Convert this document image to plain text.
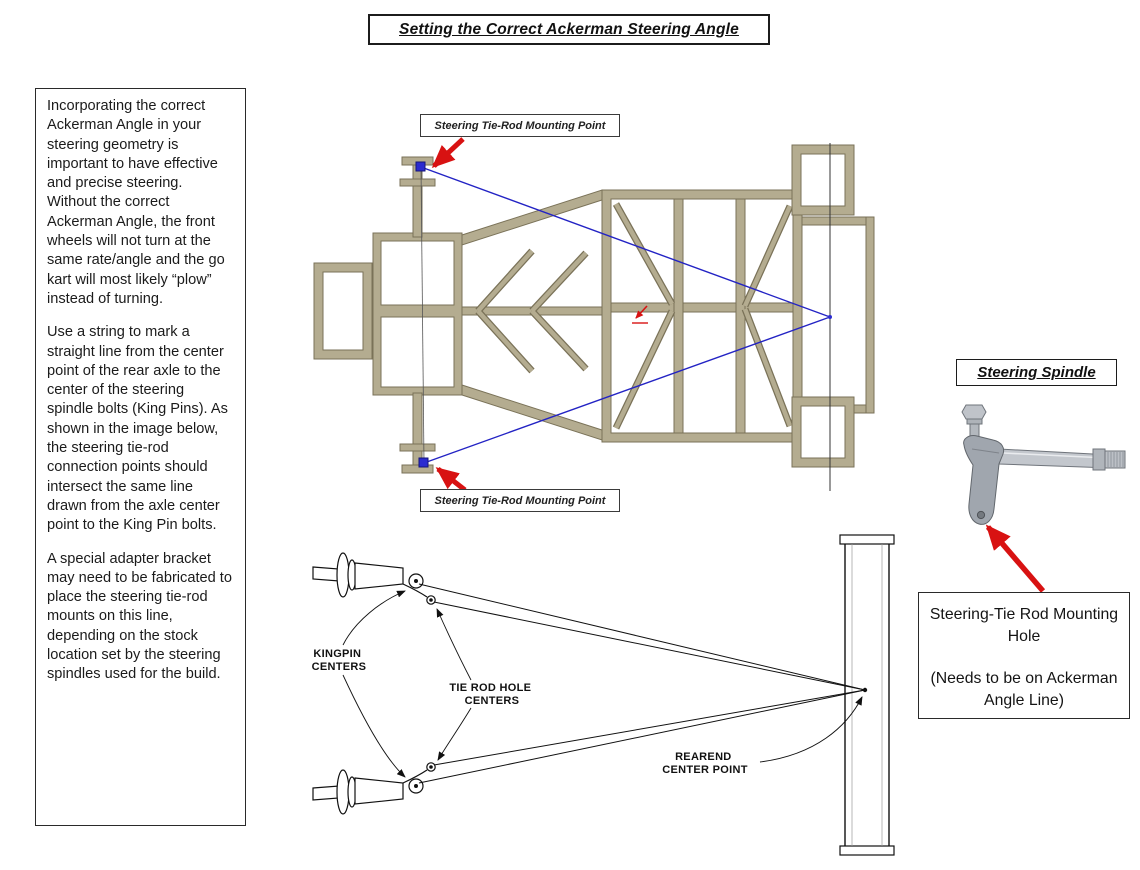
Setting the Correct Ackerman Steering Angle

Incorporating the correct Ackerman Angle in your steering geometry is important to have effective and precise steering. Without the correct Ackerman Angle, the front wheels will not turn at the same rate/angle and the go kart will most likely “plow” instead of turning.

Use a string to mark a straight line from the center point of the rear axle to the center of the steering spindle bolts (King Pins). As shown in the image below, the steering tie-rod connection points should intersect the same line drawn from the axle center point to the King Pin bolts.

A special adapter bracket may need to be fabricated to place the steering tie-rod mounts on this line, depending on the stock location set by the steering spindles used for the build.

Steering Tie-Rod Mounting Point
Steering Tie-Rod Mounting Point
KINGPIN CENTERS
TIE ROD HOLE CENTERS
REAREND CENTER POINT
Steering Spindle

Steering-Tie Rod Mounting Hole

(Needs to be on Ackerman Angle Line)
